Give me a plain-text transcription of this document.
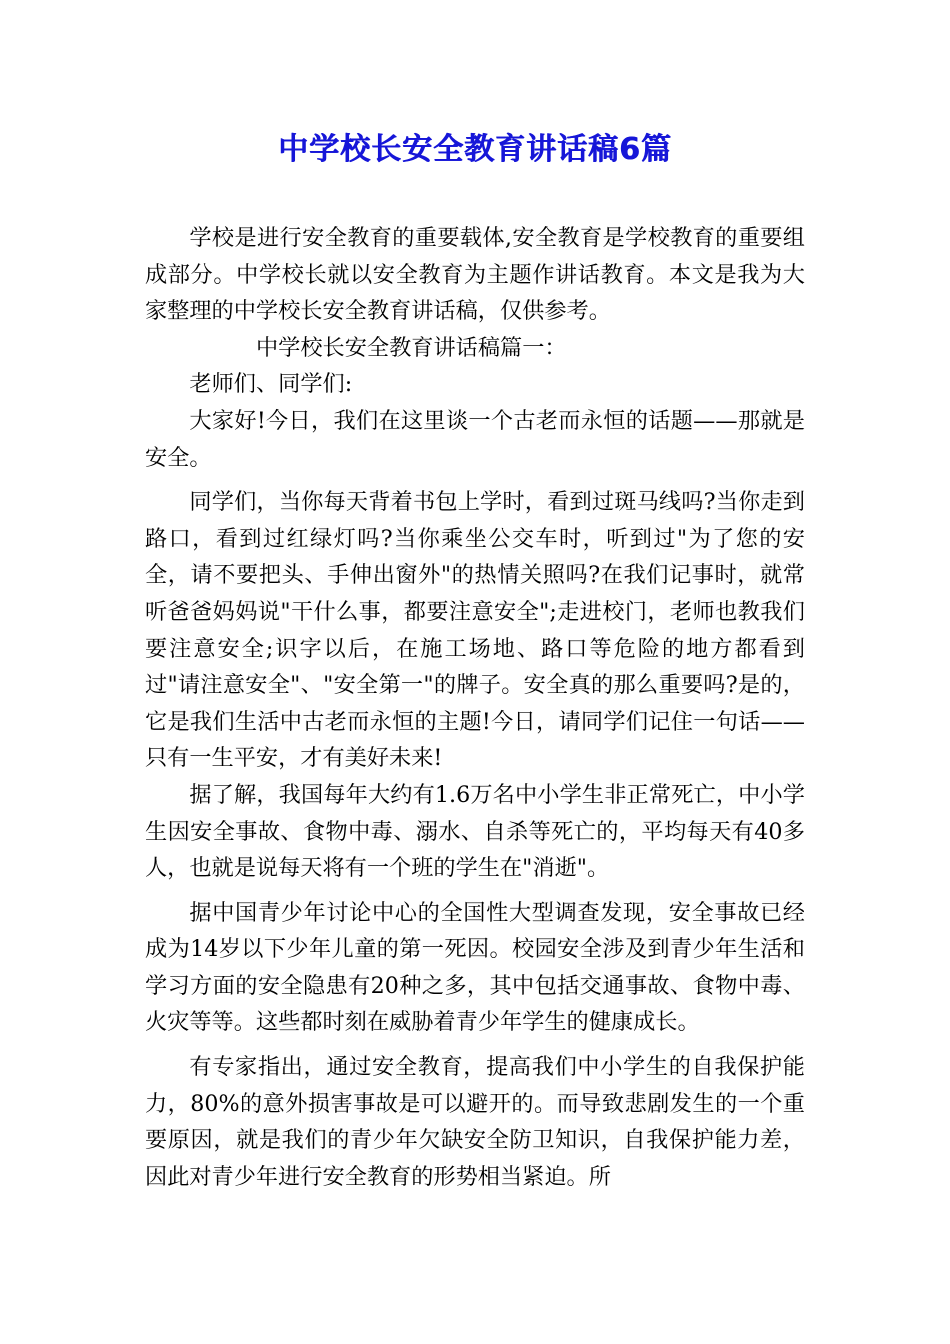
中学校长安全教育讲话稿6篇

学校是进行安全教育的重要载体,安全教育是学校教育的重要组成部分。中学校长就以安全教育为主题作讲话教育。本文是我为大家整理的中学校长安全教育讲话稿，仅供参考。

中学校长安全教育讲话稿篇一：

老师们、同学们:

大家好!今日，我们在这里谈一个古老而永恒的话题——那就是安全。

同学们，当你每天背着书包上学时，看到过斑马线吗?当你走到路口，看到过红绿灯吗?当你乘坐公交车时，听到过"为了您的安全，请不要把头、手伸出窗外"的热情关照吗?在我们记事时，就常听爸爸妈妈说"干什么事，都要注意安全";走进校门，老师也教我们要注意安全;识字以后，在施工场地、路口等危险的地方都看到过"请注意安全"、"安全第一"的牌子。安全真的那么重要吗?是的，它是我们生活中古老而永恒的主题!今日，请同学们记住一句话——只有一生平安，才有美好未来!

据了解，我国每年大约有1.6万名中小学生非正常死亡，中小学生因安全事故、食物中毒、溺水、自杀等死亡的，平均每天有40多人，也就是说每天将有一个班的学生在"消逝"。

据中国青少年讨论中心的全国性大型调查发现，安全事故已经成为14岁以下少年儿童的第一死因。校园安全涉及到青少年生活和学习方面的安全隐患有20种之多，其中包括交通事故、食物中毒、火灾等等。这些都时刻在威胁着青少年学生的健康成长。

有专家指出，通过安全教育，提高我们中小学生的自我保护能力，80%的意外损害事故是可以避开的。而导致悲剧发生的一个重要原因，就是我们的青少年欠缺安全防卫知识，自我保护能力差，因此对青少年进行安全教育的形势相当紧迫。所
